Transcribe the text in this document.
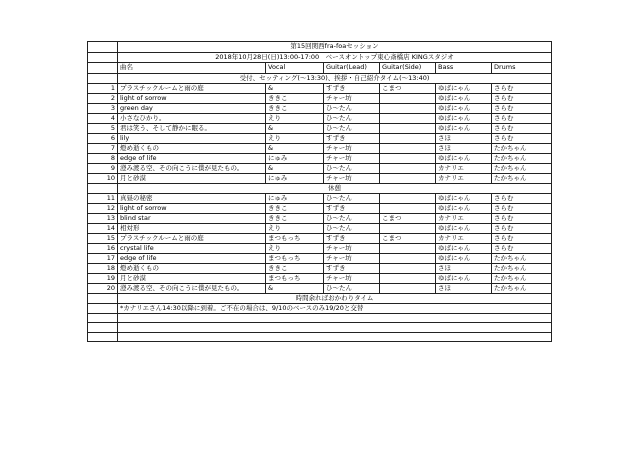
	第15回関西fra-foaセッション					
	2018年10月28日(日)13:00-17:00　ベースオントップ東心斎橋店 KINGスタジオ					
	曲名	Vocal	Guitar(Lead)	Guitar(Side)	Bass	Drums
	受付、セッティング(～13:30)、挨拶・自己紹介タイム(～13:40)					
1	プラスチックルームと雨の庭	&	すずき	こまつ	ゆばにゃん	さらむ
2	light of sorrow	ききこ	チャー坊		ゆばにゃん	さらむ
3	green day	ききこ	ひ～たん		ゆばにゃん	さらむ
4	小さなひかり。	えり	ひ～たん		ゆばにゃん	さらむ
5	君は笑う、そして静かに眠る。	&	ひ～たん		ゆばにゃん	さらむ
6	lily	えり	すずき		さほ	さらむ
7	燈め逝くもの	&	チャー坊		さほ	たかちゃん
8	edge of life	にゅみ	チャー坊		ゆばにゃん	たかちゃん
9	澄み渡る空、その向こうに僕が見たもの。	&	ひ～たん		カナリエ	たかちゃん
10	月と砂漠	にゅみ	チャー坊		カナリエ	たかちゃん
	休憩					
11	真昼の秘密	にゅみ	ひ～たん		ゆばにゃん	さらむ
12	light of sorrow	ききこ	すずき		ゆばにゃん	さらむ
13	blind star	ききこ	ひ～たん	こまつ	カナリエ	さらむ
14	相対形	えり	ひ～たん		ゆばにゃん	さらむ
15	プラスチックルームと雨の庭	まつもっち	すずき	こまつ	カナリエ	さらむ
16	crystal life	えり	チャー坊		ゆばにゃん	さらむ
17	edge of life	まつもっち	チャー坊		ゆばにゃん	たかちゃん
18	燈め逝くもの	ききこ	すずき		さほ	たかちゃん
19	月と砂漠	まつもっち	チャー坊		ゆばにゃん	たかちゃん
20	澄み渡る空、その向こうに僕が見たもの。	&	ひ～たん		さほ	たかちゃん
	時間余ればおかわりタイム					
	*カナリエさん14:30以降に到着。ご不在の場合は、9/10のベースのみ19/20と交替					
